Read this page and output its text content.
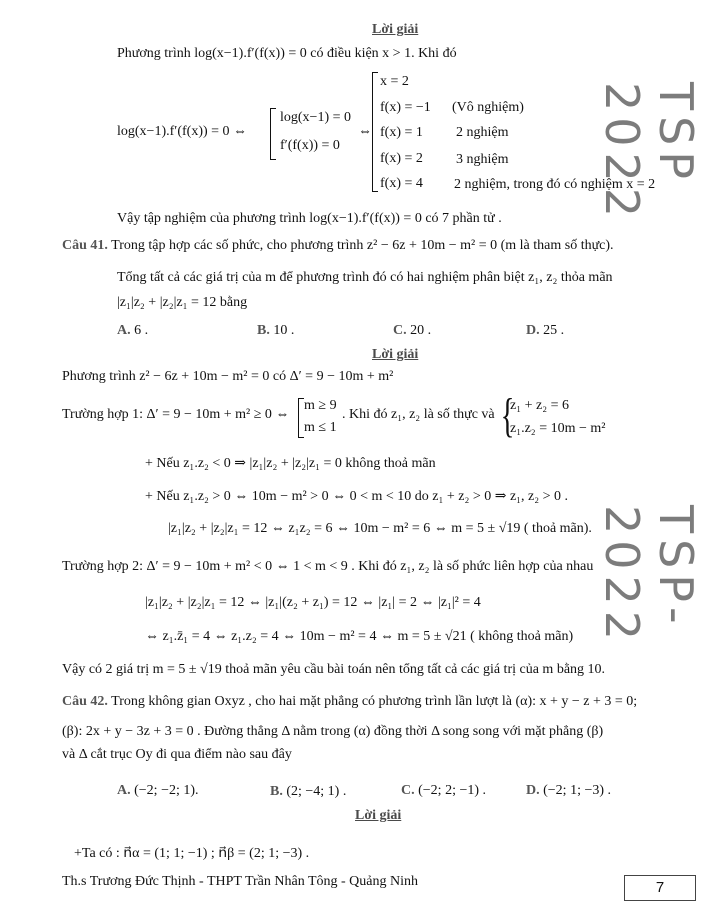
TSP 2022
TSP-2022
Lời giải
Phương trình log(x−1).f′(f(x)) = 0 có điều kiện x > 1. Khi đó
log(x−1).f′(f(x)) = 0 ⇔
log(x−1) = 0
f′(f(x)) = 0
⇔
x = 2
f(x) = −1 (Vô nghiệm)
f(x) = 1 2 nghiệm
f(x) = 2 3 nghiệm
f(x) = 4 2 nghiệm, trong đó có nghiệm x = 2
Vậy tập nghiệm của phương trình log(x−1).f′(f(x)) = 0 có 7 phần tử .
Câu 41. Trong tập hợp các số phức, cho phương trình z² − 6z + 10m − m² = 0 (m là tham số thực).
Tổng tất cả các giá trị của m để phương trình đó có hai nghiệm phân biệt z₁, z₂ thỏa mãn
|z₁|z₂ + |z₂|z₁ = 12 bằng
A. 6 .	B. 10 .	C. 20 .	D. 25 .
Lời giải
Phương trình z² − 6z + 10m − m² = 0 có Δ′ = 9 − 10m + m²
Trường hợp 1: Δ′ = 9 − 10m + m² ≥ 0 ⇔
m ≥ 9
m ≤ 1
. Khi đó z₁, z₂ là số thực và {
z₁ + z₂ = 6
z₁.z₂ = 10m − m²
+ Nếu z₁.z₂ < 0 ⇒ |z₁|z₂ + |z₂|z₁ = 0 không thoả mãn
+ Nếu z₁.z₂ > 0 ⇔ 10m − m² > 0 ⇔ 0 < m < 10 do z₁ + z₂ > 0 ⇒ z₁, z₂ > 0 .
|z₁|z₂ + |z₂|z₁ = 12 ⇔ z₁z₂ = 6 ⇔ 10m − m² = 6 ⇔ m = 5 ± √19 ( thoả mãn).
Trường hợp 2: Δ′ = 9 − 10m + m² < 0 ⇔ 1 < m < 9 . Khi đó z₁, z₂ là số phức liên hợp của nhau
|z₁|z₂ + |z₂|z₁ = 12 ⇔ |z₁|(z₂ + z₁) = 12 ⇔ |z₁| = 2 ⇔ |z₁|² = 4
⇔ z₁.z̄₁ = 4 ⇔ z₁.z₂ = 4 ⇔ 10m − m² = 4 ⇔ m = 5 ± √21 ( không thoả mãn)
Vậy có 2 giá trị m = 5 ± √19 thoả mãn yêu cầu bài toán nên tổng tất cả các giá trị của m bằng 10.
Câu 42. Trong không gian Oxyz , cho hai mặt phẳng có phương trình lần lượt là (α): x + y − z + 3 = 0;
(β): 2x + y − 3z + 3 = 0 . Đường thẳng Δ nằm trong (α) đồng thời Δ song song với mặt phẳng (β)
và Δ cắt trục Oy đi qua điểm nào sau đây
A. (−2; −2; 1).	B. (2; −4; 1) .	C. (−2; 2; −1) .	D. (−2; 1; −3) .
Lời giải
+Ta có : n⃗α = (1; 1; −1) ; n⃗β = (2; 1; −3) .
Th.s Trương Đức Thịnh - THPT Trần Nhân Tông - Quảng Ninh	7
